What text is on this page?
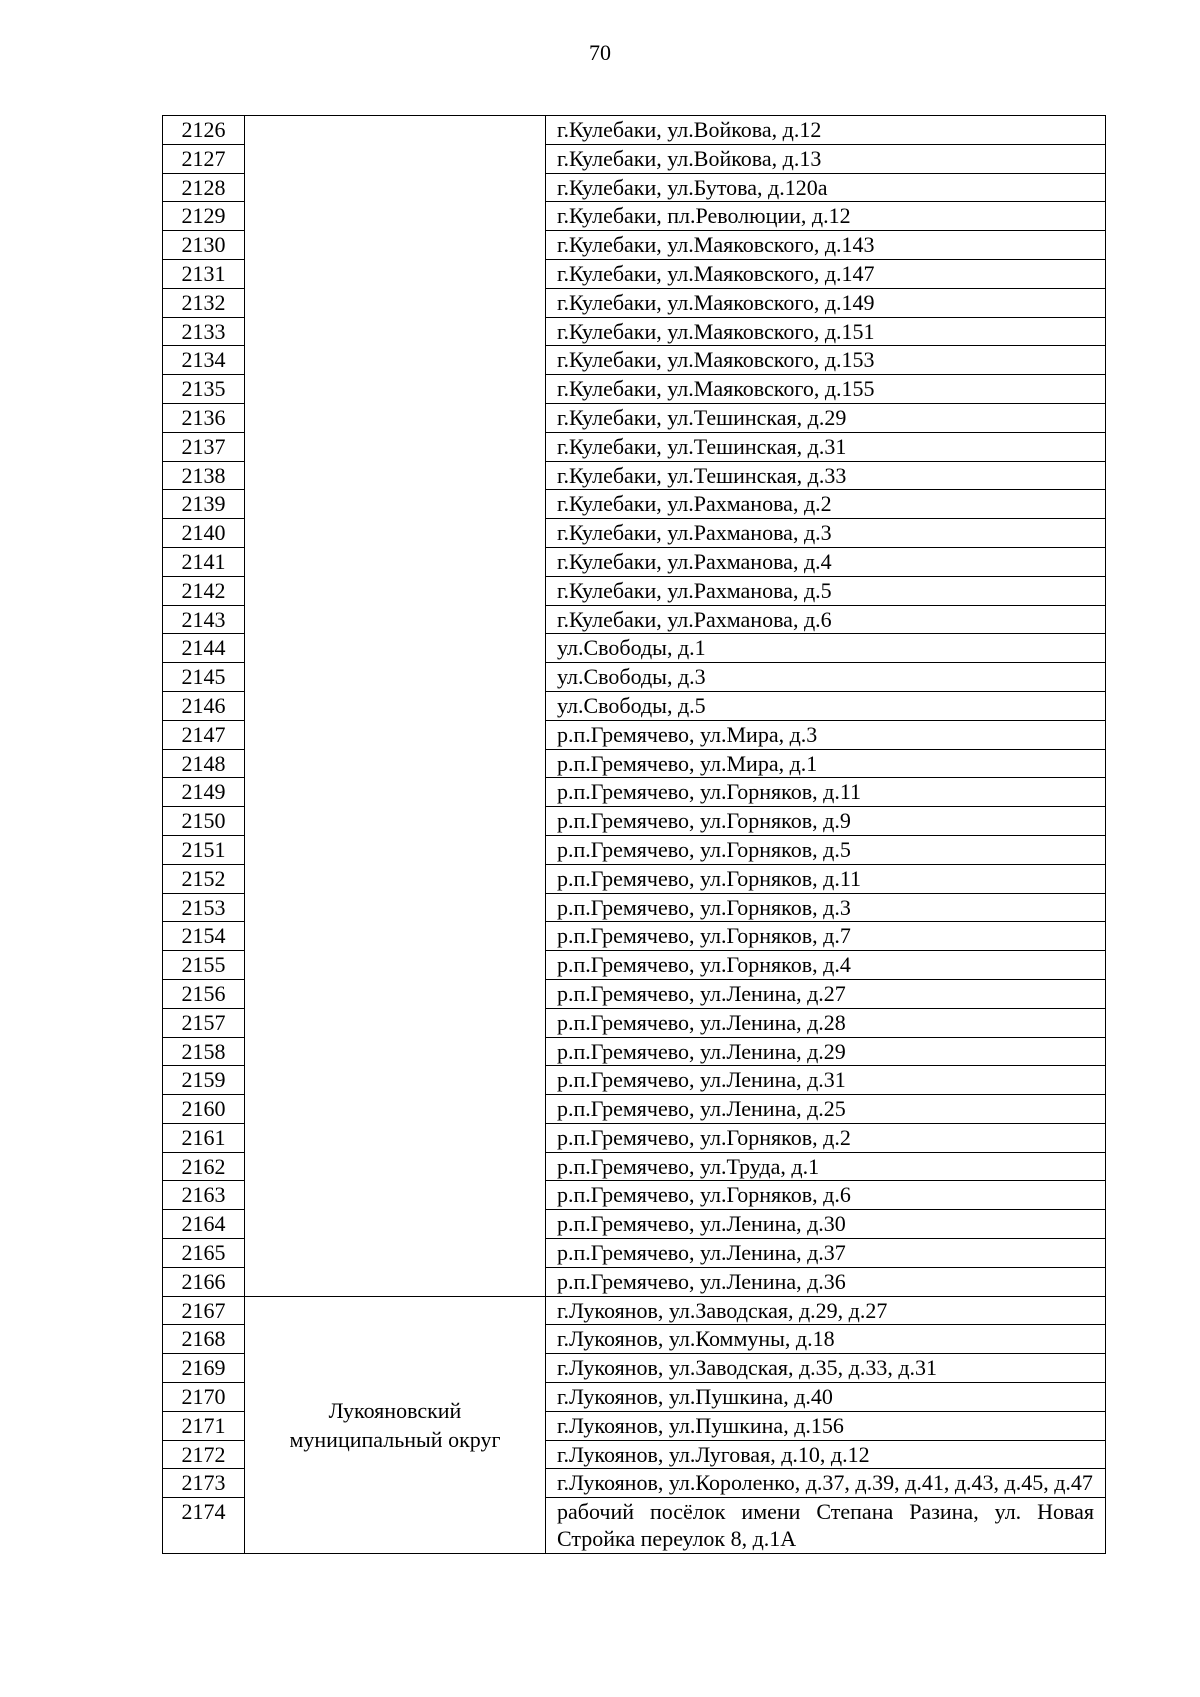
70
2126		г.Кулебаки, ул.Войкова, д.12
2127		г.Кулебаки, ул.Войкова, д.13
2128		г.Кулебаки, ул.Бутова, д.120а
2129		г.Кулебаки, пл.Революции, д.12
2130		г.Кулебаки, ул.Маяковского, д.143
2131		г.Кулебаки, ул.Маяковского, д.147
2132		г.Кулебаки, ул.Маяковского, д.149
2133		г.Кулебаки, ул.Маяковского, д.151
2134		г.Кулебаки, ул.Маяковского, д.153
2135		г.Кулебаки, ул.Маяковского, д.155
2136		г.Кулебаки, ул.Тешинская, д.29
2137		г.Кулебаки, ул.Тешинская, д.31
2138		г.Кулебаки, ул.Тешинская, д.33
2139		г.Кулебаки, ул.Рахманова, д.2
2140		г.Кулебаки, ул.Рахманова, д.3
2141		г.Кулебаки, ул.Рахманова, д.4
2142		г.Кулебаки, ул.Рахманова, д.5
2143		г.Кулебаки, ул.Рахманова, д.6
2144		ул.Свободы, д.1
2145		ул.Свободы, д.3
2146		ул.Свободы, д.5
2147		р.п.Гремячево, ул.Мира, д.3
2148		р.п.Гремячево, ул.Мира, д.1
2149		р.п.Гремячево, ул.Горняков, д.11
2150		р.п.Гремячево, ул.Горняков, д.9
2151		р.п.Гремячево, ул.Горняков, д.5
2152		р.п.Гремячево, ул.Горняков, д.11
2153		р.п.Гремячево, ул.Горняков, д.3
2154		р.п.Гремячево, ул.Горняков, д.7
2155		р.п.Гремячево, ул.Горняков, д.4
2156		р.п.Гремячево, ул.Ленина, д.27
2157		р.п.Гремячево, ул.Ленина, д.28
2158		р.п.Гремячево, ул.Ленина, д.29
2159		р.п.Гремячево, ул.Ленина, д.31
2160		р.п.Гремячево, ул.Ленина, д.25
2161		р.п.Гремячево, ул.Горняков, д.2
2162		р.п.Гремячево, ул.Труда, д.1
2163		р.п.Гремячево, ул.Горняков, д.6
2164		р.п.Гремячево, ул.Ленина, д.30
2165		р.п.Гремячево, ул.Ленина, д.37
2166		р.п.Гремячево, ул.Ленина, д.36
2167	Лукояновский
муниципальный округ	г.Лукоянов, ул.Заводская, д.29, д.27
2168		г.Лукоянов, ул.Коммуны, д.18
2169		г.Лукоянов, ул.Заводская, д.35, д.33, д.31
2170		г.Лукоянов, ул.Пушкина, д.40
2171		г.Лукоянов, ул.Пушкина, д.156
2172		г.Лукоянов, ул.Луговая, д.10, д.12
2173		г.Лукоянов, ул.Короленко, д.37, д.39, д.41, д.43, д.45, д.47
2174		рабочий посёлок имени Степана Разина, ул. Новая Стройка переулок 8, д.1А
